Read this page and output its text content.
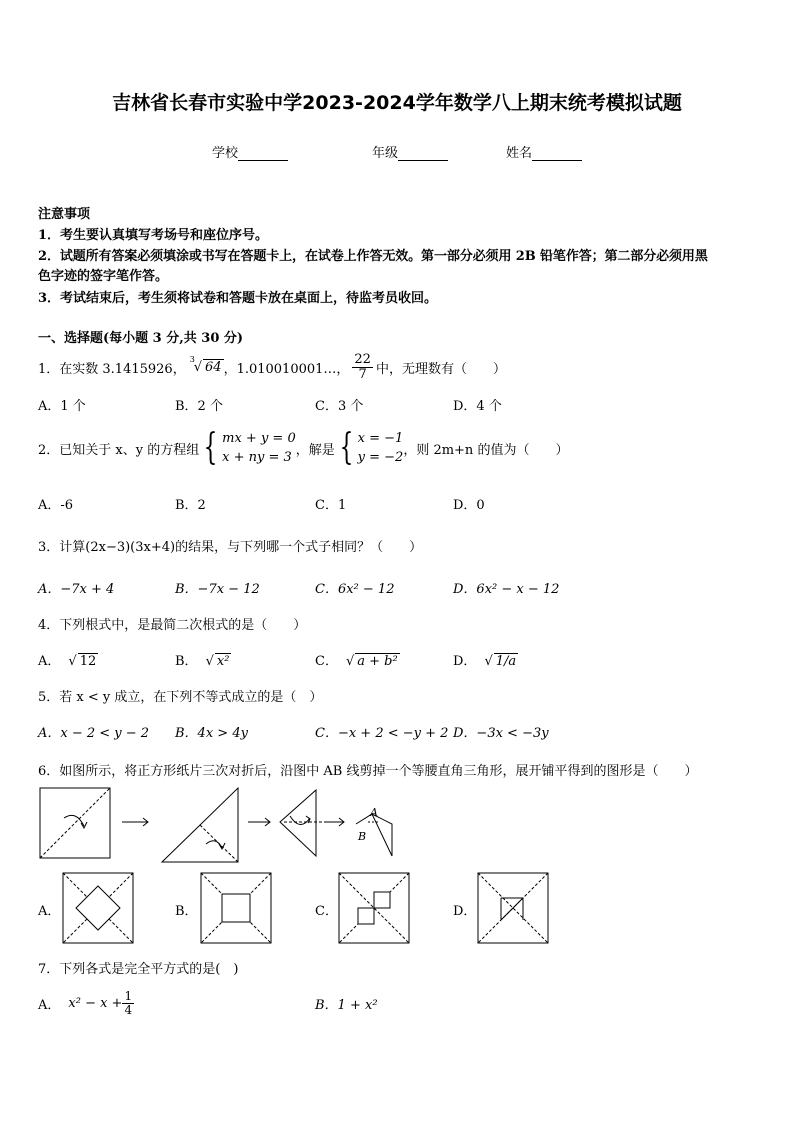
吉林省长春市实验中学2023-2024学年数学八上期末统考模拟试题
学校	年级	姓名
注意事项
1．考生要认真填写考场号和座位序号。
2．试题所有答案必须填涂或书写在答题卡上，在试卷上作答无效。第一部分必须用 2B 铅笔作答；第二部分必须用黑
色字迹的签字笔作答。
3．考试结束后，考生须将试卷和答题卡放在桌面上，待监考员收回。
一、选择题(每小题 3 分,共 30 分)
1．在实数 3.1415926，
3
√ 64 ，1.010010001…， $\frac{22}{7}$ 中，无理数有（　　）
A．1 个	B．2 个	C．3 个	D．4 个
2．已知关于 x、y 的方程组 { mx + y = 0
x + ny = 3 ，解是 { x = −1
y = −2 ，则 2m+n 的值为（　　）
A．-6	B．2	C．1	D．0
3．计算(2x−3)(3x+4)的结果，与下列哪一个式子相同？（　　）
A．−7x + 4	B．−7x − 12	C．6x² − 12	D．6x² − x − 12
4．下列根式中，是最简二次根式的是（　　）
A． √ 12	B． √ x²	C． √ a + b²	D． √ 1/a
5．若 x < y 成立，在下列不等式成立的是（　）
A．x − 2 < y − 2 B．4x > 4y	C．−x + 2 < −y + 2 D．−3x < −3y
6．如图所示，将正方形纸片三次对折后，沿图中 AB 线剪掉一个等腰直角三角形，展开铺平得到的图形是（　　）
A
B
A．	B．	C．	D．
7．下列各式是完全平方式的是(　)
A． $x^2 - x + \frac{1}{4}$	B．1 + x²
